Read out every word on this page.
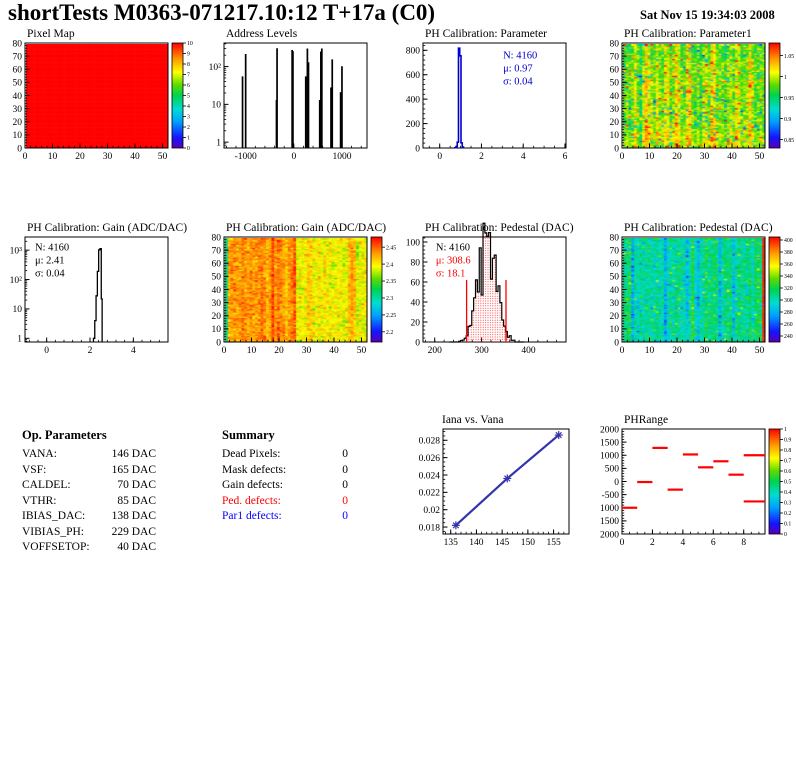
shortTests M0363-071217.10:12 T+17a (C0)	Sat Nov 15 19:34:03 2008
Pixel Map
0 10 20 30 40 50
0
10
20
30
40
50
60
70
80	10
9
8
7
6
5
4
3
2
1
0
Address Levels
-1000	0	1000
1
10
10²
PH Calibration: Parameter
0	2	4	6
0
200
400
600
800	N: 4160
μ: 0.97
σ: 0.04
PH Calibration: Parameter1
0 10 20 30 40 50
0
10
20
30
40
50
60
70
80
1.05
1
0.95
0.9
0.85
PH Calibration: Gain (ADC/DAC)
0	2	4
1
10
10²
10³ N: 4160
μ: 2.41
σ: 0.04
PH Calibration: Gain (ADC/DAC)
0 10 20 30 40 50
0
10
20
30
40
50
60
70
80
2.45
2.4
2.35
2.3
2.25
2.2
PH Calibration: Pedestal (DAC)
200	300	400
0
20
40
60
80
100 N: 4160
μ: 308.6
σ: 18.1
PH Calibration: Pedestal (DAC)
0 10 20 30 40 50
0
10
20
30
40
50
60
70
80	400
380
360
340
320
300
280
260
240
Op. Parameters
VANA:	146 DAC
VSF:	165 DAC
CALDEL:	70 DAC
VTHR:	85 DAC
IBIAS_DAC: 138 DAC
VIBIAS_PH: 229 DAC
VOFFSETOP: 40 DAC
Summary
Dead Pixels:	0
Mask defects:	0
Gain defects:	0
Ped. defects:	0
Par1 defects:	0
Iana vs. Vana
135 140 145 150 155
0.018
0.02
0.022
0.024
0.026
0.028
PHRange
0	2	4	6	8
2000
1500
1000
500
0
-500
1000
1500
2000
1
0.9
0.8
0.7
0.6
0.5
0.4
0.3
0.2
0.1
0
